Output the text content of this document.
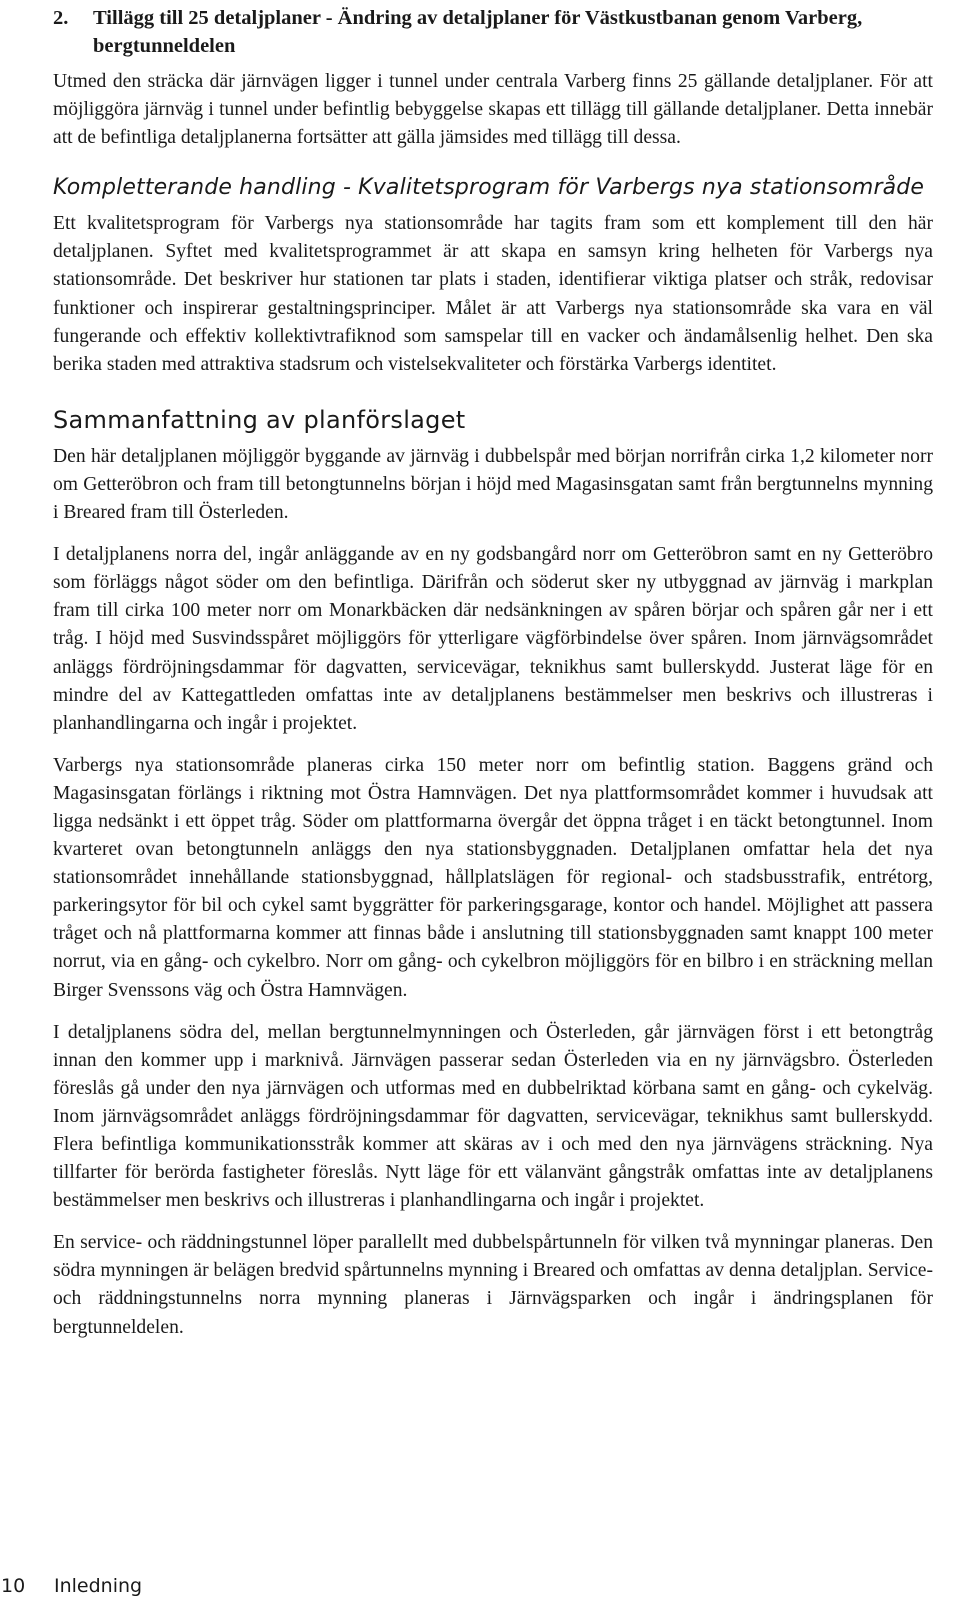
2.	Tillägg till 25 detaljplaner - Ändring av detaljplaner för Västkustbanan genom Varberg, bergtunneldelen

Utmed den sträcka där järnvägen ligger i tunnel under centrala Varberg finns 25 gällande detaljplaner. För att möjliggöra järnväg i tunnel under befintlig bebyggelse skapas ett tillägg till gällande detaljplaner. Detta innebär att de befintliga detaljplanerna fortsätter att gälla jämsides med tillägg till dessa.

Kompletterande handling - Kvalitetsprogram för Varbergs nya stationsområde

Ett kvalitetsprogram för Varbergs nya stationsområde har tagits fram som ett komplement till den här detaljplanen. Syftet med kvalitetsprogrammet är att skapa en samsyn kring helheten för Varbergs nya stationsområde. Det beskriver hur stationen tar plats i staden, identifierar viktiga platser och stråk, redovisar funktioner och inspirerar gestaltningsprinciper. Målet är att Varbergs nya stationsområde ska vara en väl fungerande och effektiv kollektivtrafiknod som samspelar till en vacker och ändamålsenlig helhet. Den ska berika staden med attraktiva stadsrum och vistelsekvaliteter och förstärka Varbergs identitet.

Sammanfattning av planförslaget

Den här detaljplanen möjliggör byggande av järnväg i dubbelspår med början norrifrån cirka 1,2 kilometer norr om Getteröbron och fram till betongtunnelns början i höjd med Magasinsgatan samt från bergtunnelns mynning i Breared fram till Österleden.

I detaljplanens norra del, ingår anläggande av en ny godsbangård norr om Getteröbron samt en ny Getteröbro som förläggs något söder om den befintliga. Därifrån och söderut sker ny utbyggnad av järnväg i markplan fram till cirka 100 meter norr om Monarkbäcken där nedsänkningen av spåren börjar och spåren går ner i ett tråg. I höjd med Susvindsspåret möjliggörs för ytterligare vägförbindelse över spåren. Inom järnvägsområdet anläggs fördröjningsdammar för dagvatten, servicevägar, teknikhus samt bullerskydd. Justerat läge för en mindre del av Kattegattleden omfattas inte av detaljplanens bestämmelser men beskrivs och illustreras i planhandlingarna och ingår i projektet.

Varbergs nya stationsområde planeras cirka 150 meter norr om befintlig station. Baggens gränd och Magasinsgatan förlängs i riktning mot Östra Hamnvägen. Det nya plattformsområdet kommer i huvudsak att ligga nedsänkt i ett öppet tråg. Söder om plattformarna övergår det öppna tråget i en täckt betongtunnel. Inom kvarteret ovan betongtunneln anläggs den nya stationsbyggnaden. Detaljplanen omfattar hela det nya stationsområdet innehållande stationsbyggnad, hållplatslägen för regional- och stadsbusstrafik, entrétorg, parkeringsytor för bil och cykel samt byggrätter för parkeringsgarage, kontor och handel. Möjlighet att passera tråget och nå plattformarna kommer att finnas både i anslutning till stationsbyggnaden samt knappt 100 meter norrut, via en gång- och cykelbro. Norr om gång- och cykelbron möjliggörs för en bilbro i en sträckning mellan Birger Svenssons väg och Östra Hamnvägen.

I detaljplanens södra del, mellan bergtunnelmynningen och Österleden, går järnvägen först i ett betongtråg innan den kommer upp i marknivå. Järnvägen passerar sedan Österleden via en ny järnvägsbro. Österleden föreslås gå under den nya järnvägen och utformas med en dubbelriktad körbana samt en gång- och cykelväg. Inom järnvägsområdet anläggs fördröjningsdammar för dagvatten, servicevägar, teknikhus samt bullerskydd. Flera befintliga kommunikationsstråk kommer att skäras av i och med den nya järnvägens sträckning. Nya tillfarter för berörda fastigheter föreslås. Nytt läge för ett välanvänt gångstråk omfattas inte av detaljplanens bestämmelser men beskrivs och illustreras i planhandlingarna och ingår i projektet.

En service- och räddningstunnel löper parallellt med dubbelspårtunneln för vilken två mynningar planeras. Den södra mynningen är belägen bredvid spårtunnelns mynning i Breared och omfattas av denna detaljplan. Service- och räddningstunnelns norra mynning planeras i Järnvägsparken och ingår i ändringsplanen för bergtunneldelen.

10 Inledning
